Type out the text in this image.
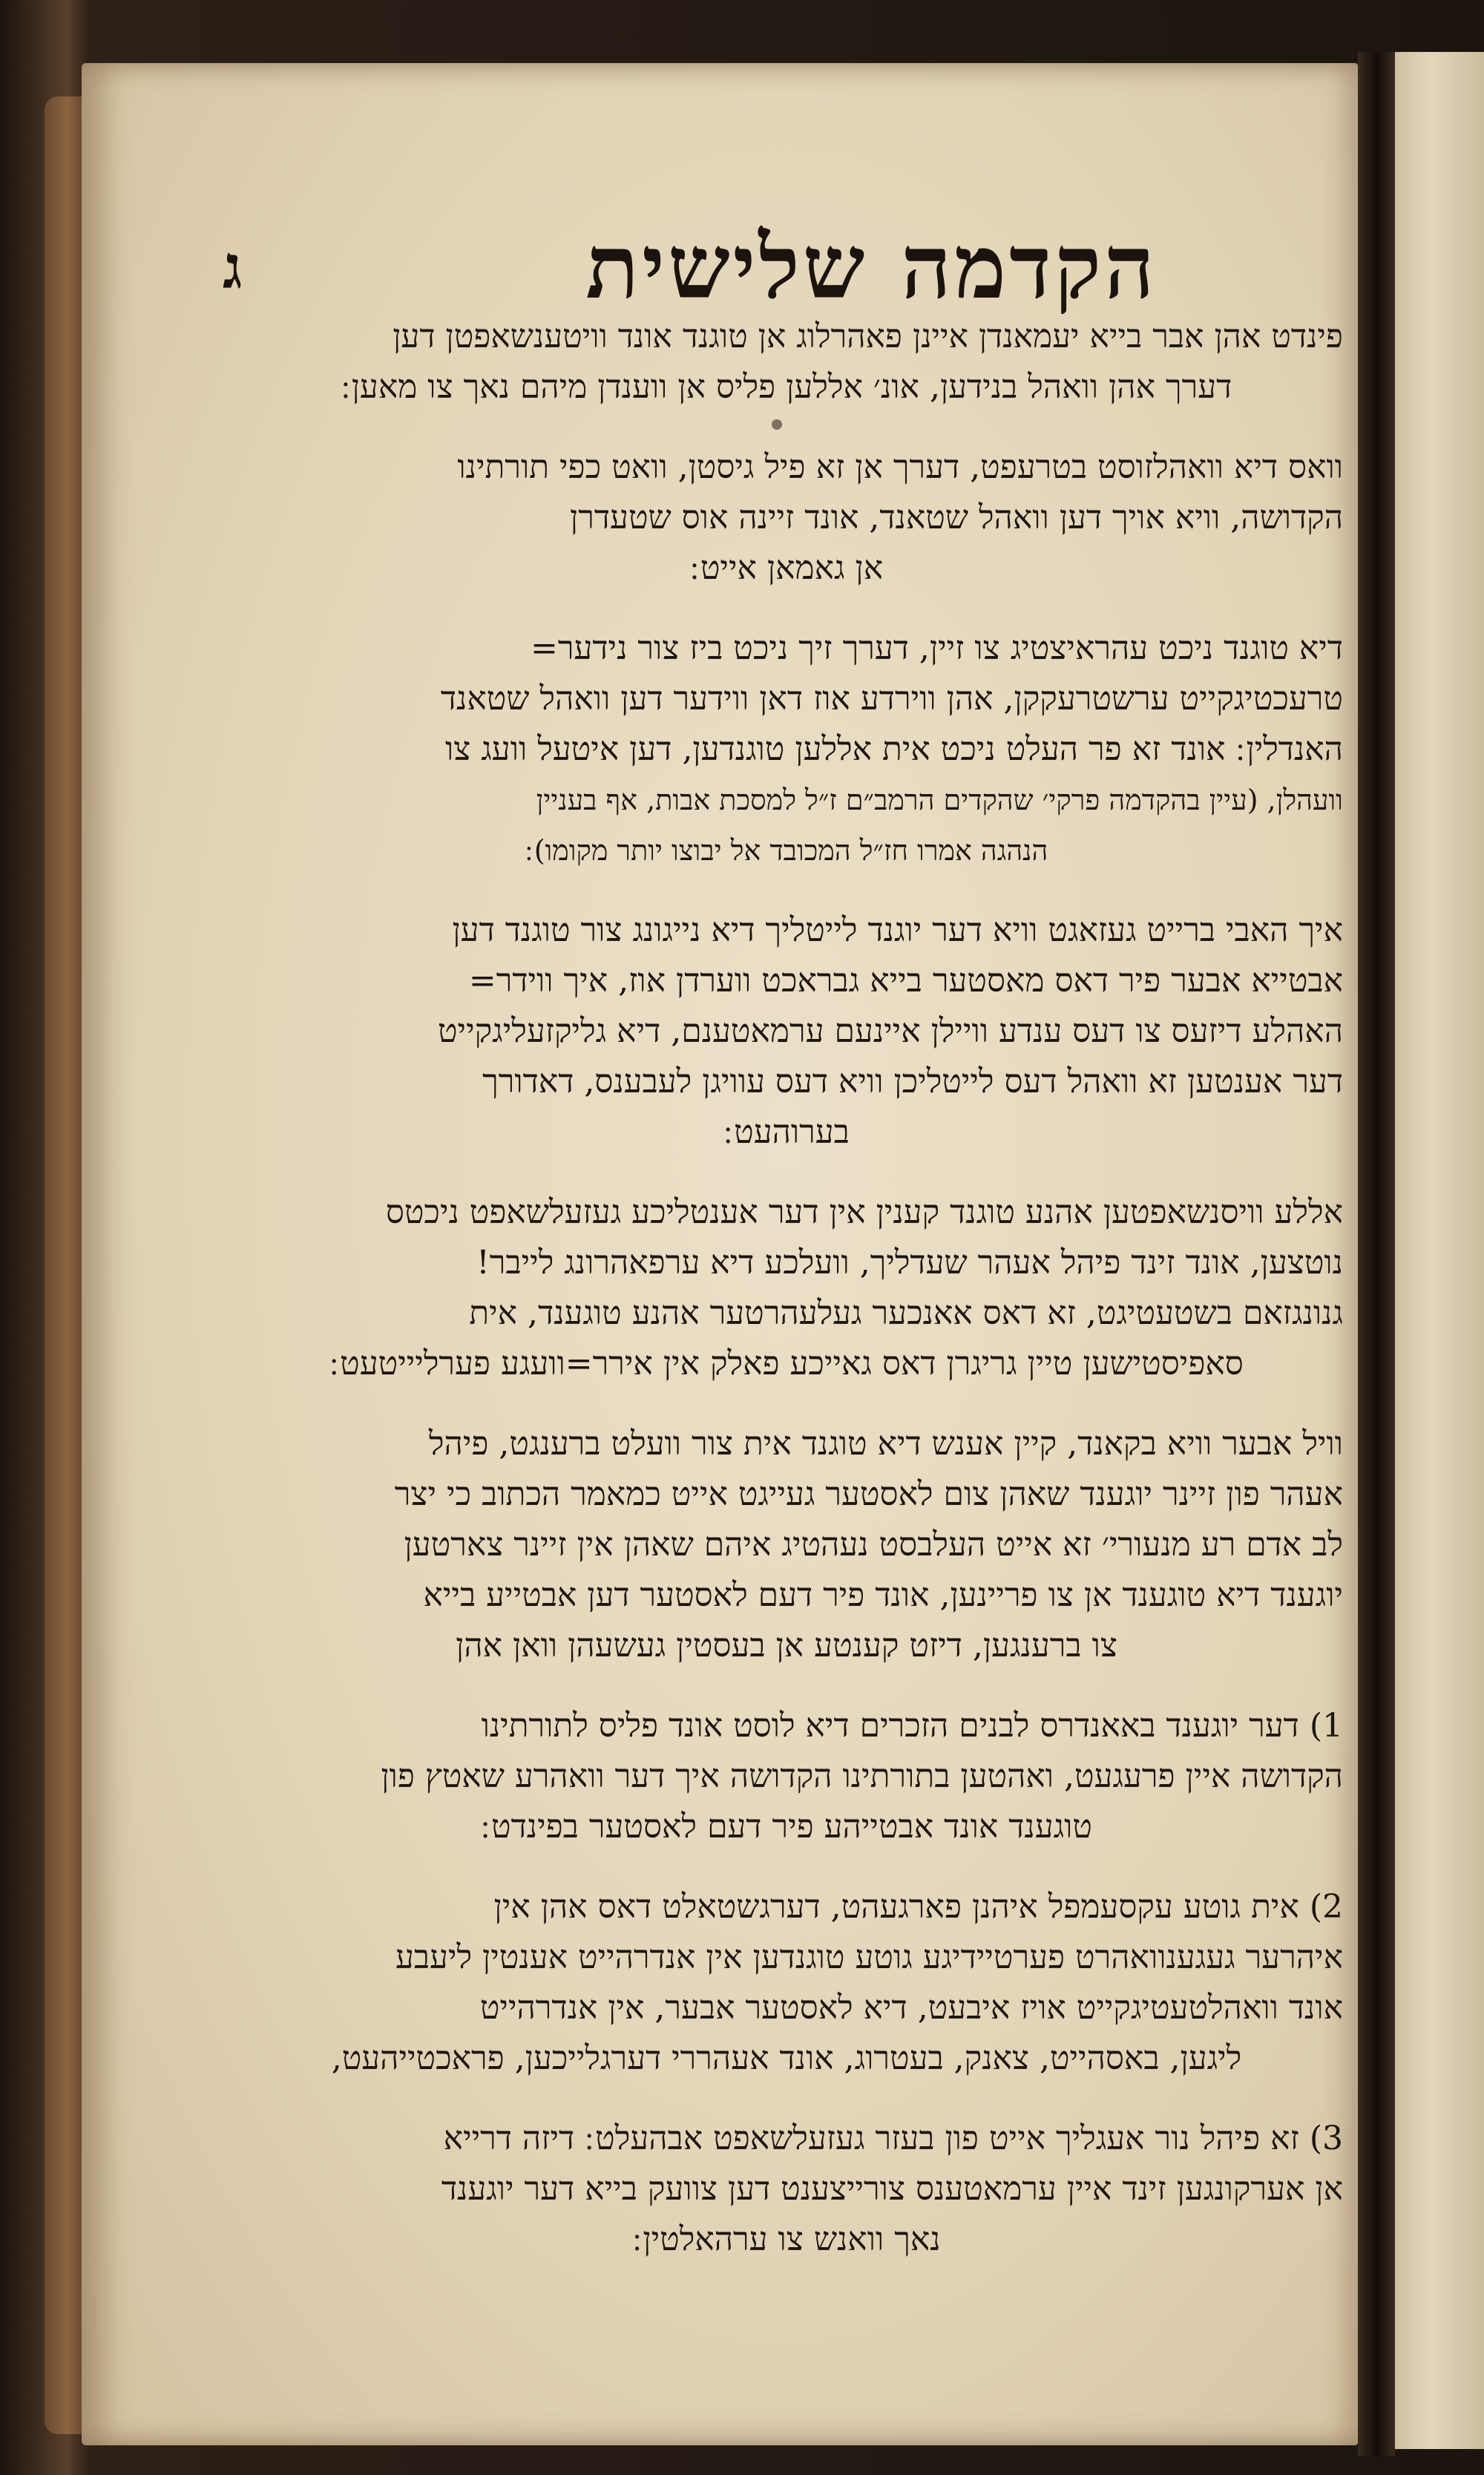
הקדמה שלישית
ג

פינדט אהן אבר בייא יעמאנדן איינן פאהרלוג אן טוגנד אונד וויטענשאפטן דען

דערך אהן וואהל בנידען, אונ׳ אללען פליס אן ווענדן מיהם נאך צו מאען ׃

וואס דיא וואהלזוסט בטרעפט, דערך אן זא פיל גיסטן, וואט כפי תורתינו

הקדושה, וויא אויך דען וואהל שטאנד, אונד זיינה אוס שטעדרן

אן גאמאן אייט ׃

דיא טוגנד ניכט עהראיצטיג צו זיין, דערך זיך ניכט ביז צור נידער=

טרעכטיגקייט ערשטרעקקן, אהן ווירדע אוז דאן ווידער דען וואהל שטאנד

האנדלין ׃ אונד זא פר העלט ניכט אית אללען טוגנדען, דען איטעל וועג צו

וועהלן, (עיין בהקדמה פרקי׳ שהקדים הרמב״ם ז״ל למסכת אבות, אף בעניין

הנהגה אמרו חז״ל המכובד אל יבוצו יותר מקומו) ׃

איך האבי ברייט געזאגט וויא דער יוגנד לייטליך דיא נייגונג צור טוגנד דען

אבטייא אבער פיר דאס מאסטער בייא גבראכט ווערדן אוז, איך ווידר=

האהלע דיזעס צו דעס ענדע וויילן איינעם ערמאטענם, דיא גליקזעליגקייט

דער אענטען זא וואהל דעס לייטליכן וויא דעס עוויגן לעבענס, דאדורך

בערוהעט ׃

אללע וויסנשאפטען אהנע טוגנד קענין אין דער אענטליכע געזעלשאפט ניכטס

נוטצען, אונד זינד פיהל אעהר שעדליך, וועלכע דיא ערפאהרונג לייבר!

גנונגזאם בשטעטיגט, זא דאס אאנכער געלעהרטער אהנע טוגענד, אית

סאפיסטישען טיין גריגרן דאס גאייכע פאלק אין אירר=וועגע פערליייטעט ׃

וויל אבער וויא בקאנד, קיין אענש דיא טוגנד אית צור וועלט ברענגט, פיהל

אעהר פון זיינר יוגענד שאהן צום לאסטער געייגט אייט כמאמר הכתוב כי יצר

לב אדם רע מנעורי׳ זא אייט העלבסט נעהטיג איהם שאהן אין זיינר צארטען

יוגענד דיא טוגענד אן צו פריינען, אונד פיר דעם לאסטער דען אבטייע בייא

צו ברענגען, דיזט קענטע אן בעסטין געשעהן וואן אהן

1) דער יוגענד באאנדרס לבנים הזכרים דיא לוסט אונד פליס לתורתינו

הקדושה איין פרעגעט, ואהטען בתורתינו הקדושה איך דער וואהרע שאטץ פון

טוגענד אונד אבטייהע פיר דעם לאסטער בפינדט ׃

2) אית גוטע עקסעמפל איהנן פארגעהט, דערגשטאלט דאס אהן אין

איהרער געגענוואהרט פערטיידיגע גוטע טוגנדען אין אנדרהייט אענטין ליעבע

אונד וואהלטעטיגקייט אויז איבעט, דיא לאסטער אבער, אין אנדרהייט

ליגען, באסהייט, צאנק, בעטרוג, אונד אעהררי דערגלייכען, פראכטייהעט,

3) זא פיהל נור אעגליך אייט פון בעזר געזעלשאפט אבהעלט ׃ דיזה דרייא

אן אערקונגען זינד איין ערמאטענס צורייצענט דען צוועק בייא דער יוגענד

נאך וואנש צו ערהאלטין ׃
